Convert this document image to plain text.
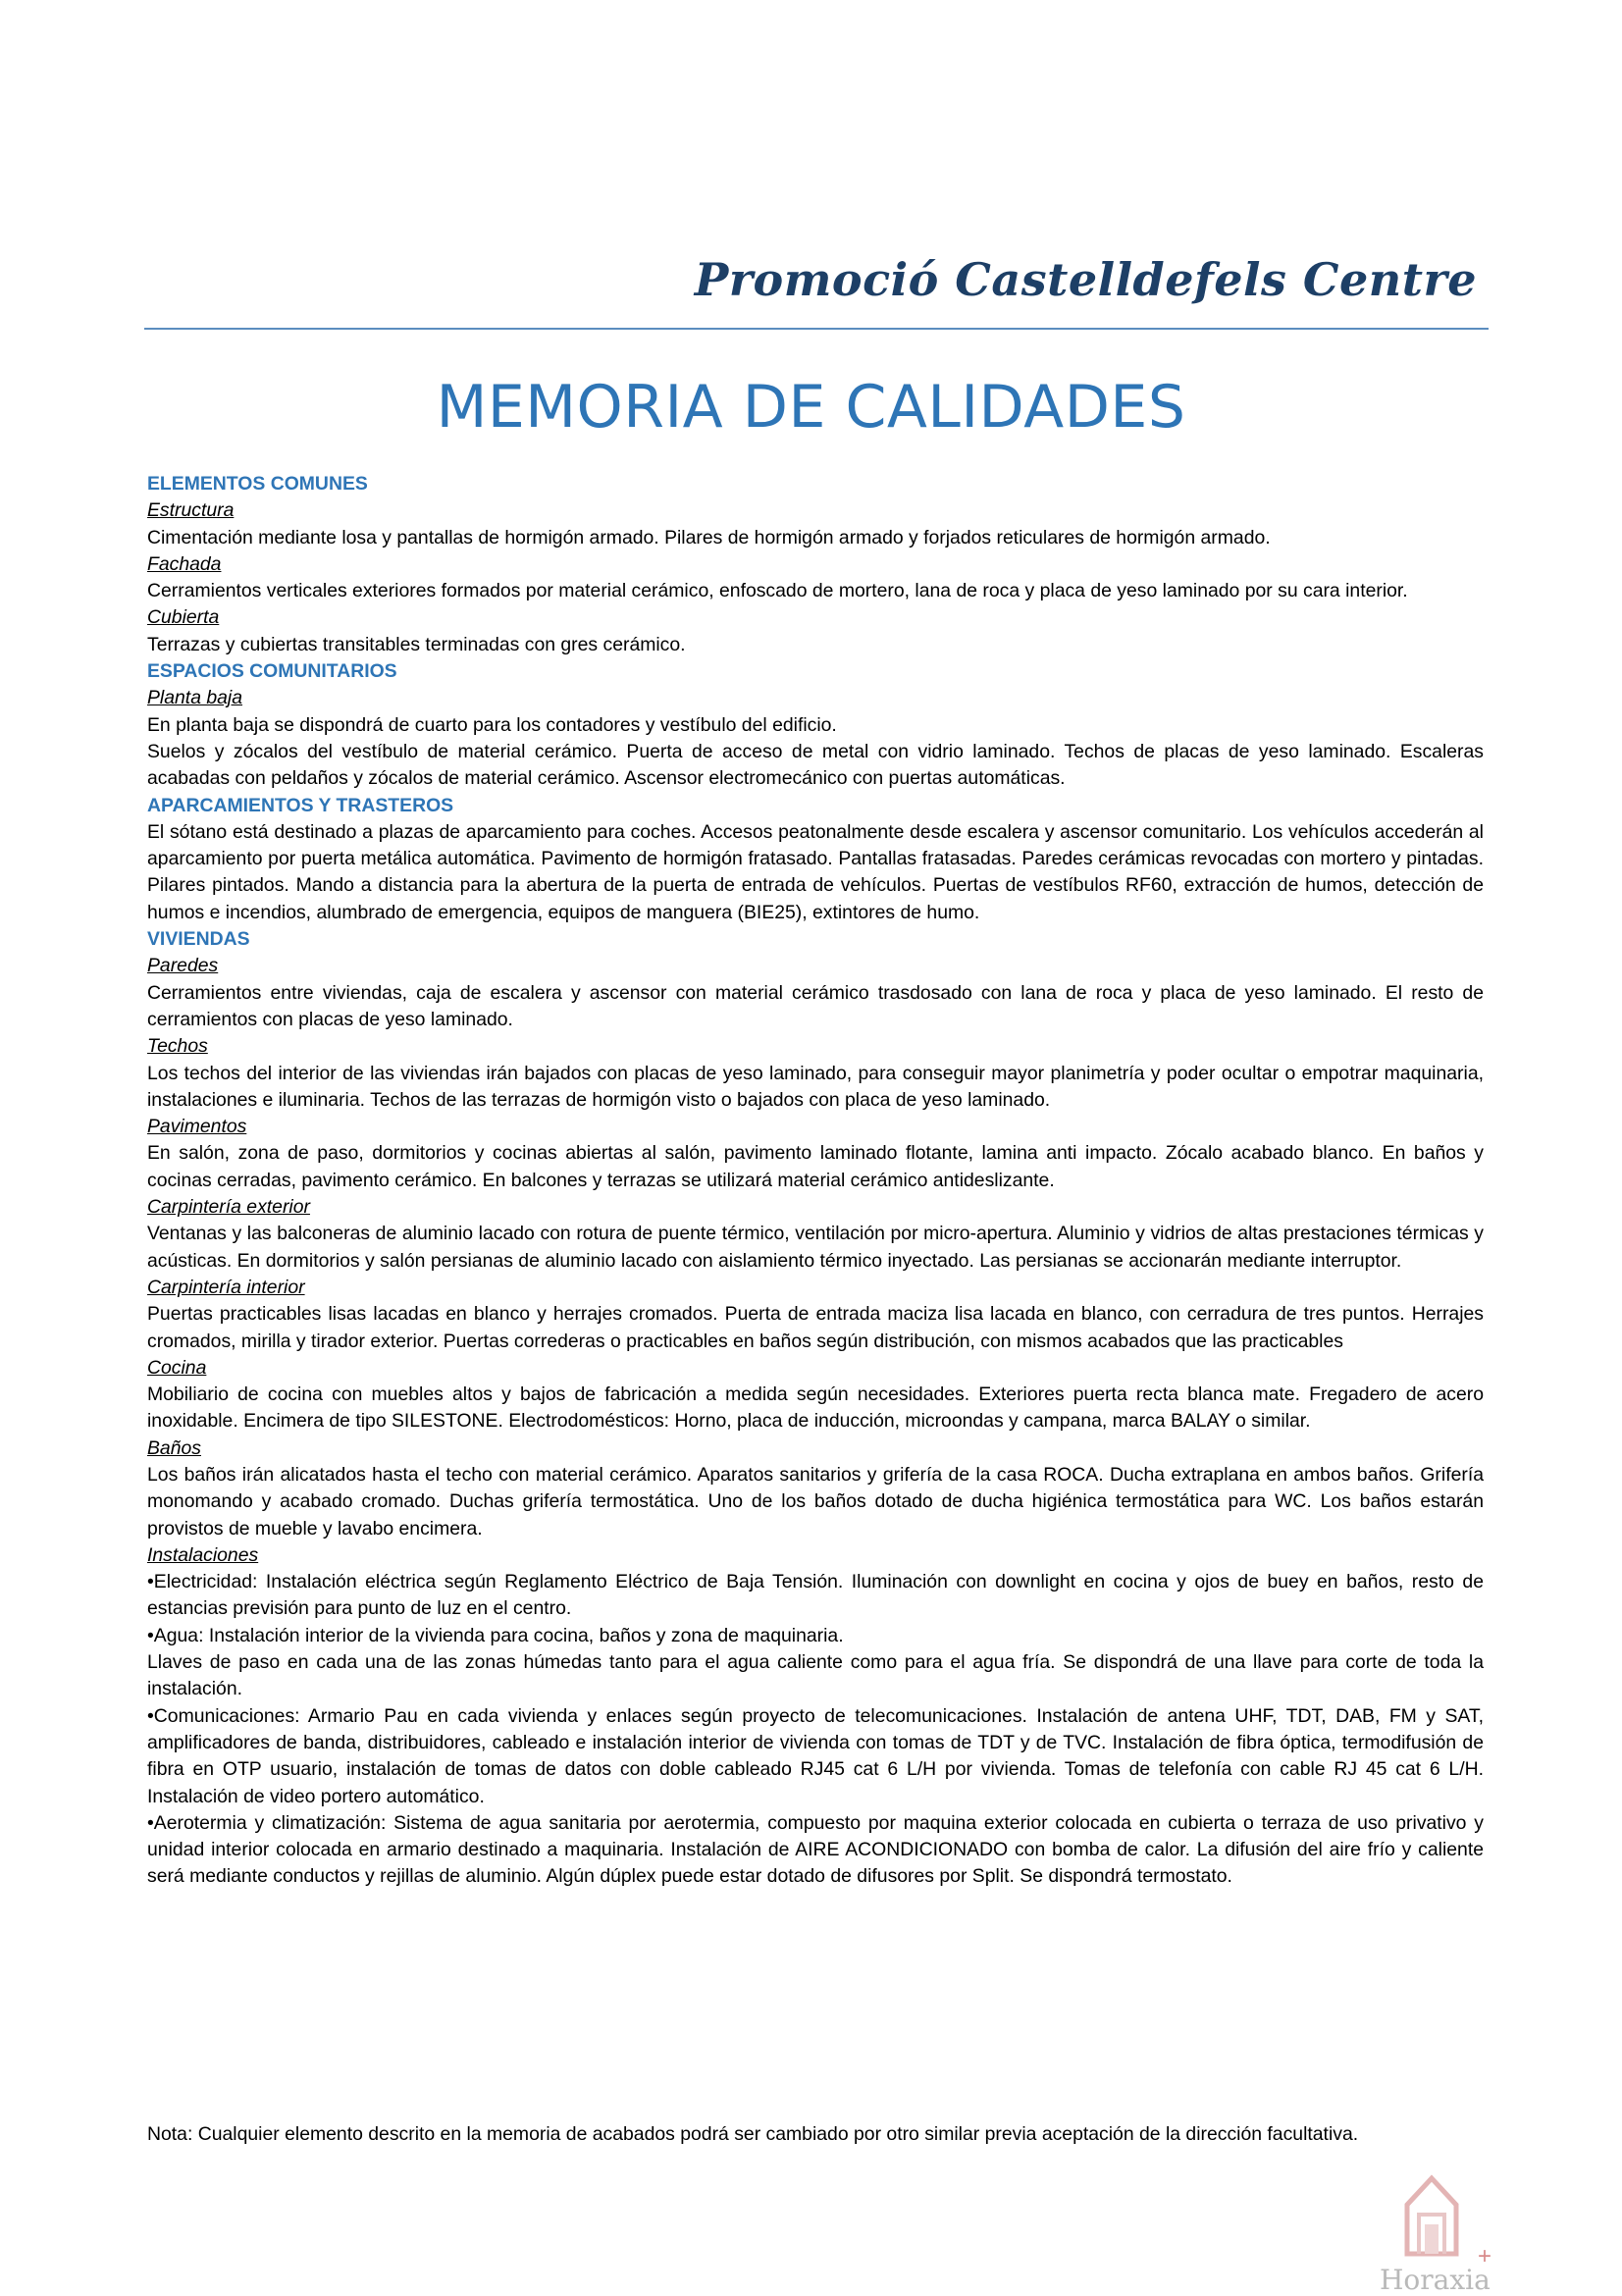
Promoció Castelldefels Centre
MEMORIA DE CALIDADES

ELEMENTOS COMUNES

Estructura

Cimentación mediante losa y pantallas de hormigón armado. Pilares de hormigón armado y forjados reticulares de hormigón armado.

Fachada

Cerramientos verticales exteriores formados por material cerámico, enfoscado de mortero, lana de roca y placa de yeso laminado por su cara interior.

Cubierta

Terrazas y cubiertas transitables terminadas con gres cerámico.

ESPACIOS COMUNITARIOS

Planta baja

En planta baja se dispondrá de cuarto para los contadores y vestíbulo del edificio.

Suelos y zócalos del vestíbulo de material cerámico. Puerta de acceso de metal con vidrio laminado. Techos de placas de yeso laminado. Escaleras acabadas con peldaños y zócalos de material cerámico. Ascensor electromecánico con puertas automáticas.

APARCAMIENTOS Y TRASTEROS

El sótano está destinado a plazas de aparcamiento para coches. Accesos peatonalmente desde escalera y ascensor comunitario. Los vehículos accederán al aparcamiento por puerta metálica automática. Pavimento de hormigón fratasado. Pantallas fratasadas. Paredes cerámicas revocadas con mortero y pintadas. Pilares pintados. Mando a distancia para la abertura de la puerta de entrada de vehículos. Puertas de vestíbulos RF60, extracción de humos, detección de humos e incendios, alumbrado de emergencia, equipos de manguera (BIE25), extintores de humo.

VIVIENDAS

Paredes

Cerramientos entre viviendas, caja de escalera y ascensor con material cerámico trasdosado con lana de roca y placa de yeso laminado. El resto de cerramientos con placas de yeso laminado.

Techos

Los techos del interior de las viviendas irán bajados con placas de yeso laminado, para conseguir mayor planimetría y poder ocultar o empotrar maquinaria, instalaciones e iluminaria. Techos de las terrazas de hormigón visto o bajados con placa de yeso laminado.

Pavimentos

En salón, zona de paso, dormitorios y cocinas abiertas al salón, pavimento laminado flotante, lamina anti impacto. Zócalo acabado blanco. En baños y cocinas cerradas, pavimento cerámico. En balcones y terrazas se utilizará material cerámico antideslizante.

Carpintería exterior

Ventanas y las balconeras de aluminio lacado con rotura de puente térmico, ventilación por micro-apertura. Aluminio y vidrios de altas prestaciones térmicas y acústicas. En dormitorios y salón persianas de aluminio lacado con aislamiento térmico inyectado. Las persianas se accionarán mediante interruptor.

Carpintería interior

Puertas practicables lisas lacadas en blanco y herrajes cromados. Puerta de entrada maciza lisa lacada en blanco, con cerradura de tres puntos. Herrajes cromados, mirilla y tirador exterior. Puertas correderas o practicables en baños según distribución, con mismos acabados que las practicables

Cocina

Mobiliario de cocina con muebles altos y bajos de fabricación a medida según necesidades. Exteriores puerta recta blanca mate. Fregadero de acero inoxidable. Encimera de tipo SILESTONE. Electrodomésticos: Horno, placa de inducción, microondas y campana, marca BALAY o similar.

Baños

Los baños irán alicatados hasta el techo con material cerámico. Aparatos sanitarios y grifería de la casa ROCA. Ducha extraplana en ambos baños. Grifería monomando y acabado cromado. Duchas grifería termostática. Uno de los baños dotado de ducha higiénica termostática para WC. Los baños estarán provistos de mueble y lavabo encimera.

Instalaciones

•Electricidad: Instalación eléctrica según Reglamento Eléctrico de Baja Tensión. Iluminación con downlight en cocina y ojos de buey en baños, resto de estancias previsión para punto de luz en el centro.

•Agua: Instalación interior de la vivienda para cocina, baños y zona de maquinaria.

Llaves de paso en cada una de las zonas húmedas tanto para el agua caliente como para el agua fría. Se dispondrá de una llave para corte de toda la instalación.

•Comunicaciones: Armario Pau en cada vivienda y enlaces según proyecto de telecomunicaciones. Instalación de antena UHF, TDT, DAB, FM y SAT, amplificadores de banda, distribuidores, cableado e instalación interior de vivienda con tomas de TDT y de TVC. Instalación de fibra óptica, termodifusión de fibra en OTP usuario, instalación de tomas de datos con doble cableado RJ45 cat 6 L/H por vivienda. Tomas de telefonía con cable RJ 45 cat 6 L/H. Instalación de video portero automático.

•Aerotermia y climatización: Sistema de agua sanitaria por aerotermia, compuesto por maquina exterior colocada en cubierta o terraza de uso privativo y unidad interior colocada en armario destinado a maquinaria. Instalación de AIRE ACONDICIONADO con bomba de calor. La difusión del aire frío y caliente será mediante conductos y rejillas de aluminio. Algún dúplex puede estar dotado de difusores por Split. Se dispondrá termostato.

Nota: Cualquier elemento descrito en la memoria de acabados podrá ser cambiado por otro similar previa aceptación de la dirección facultativa.
Horaxia
+
